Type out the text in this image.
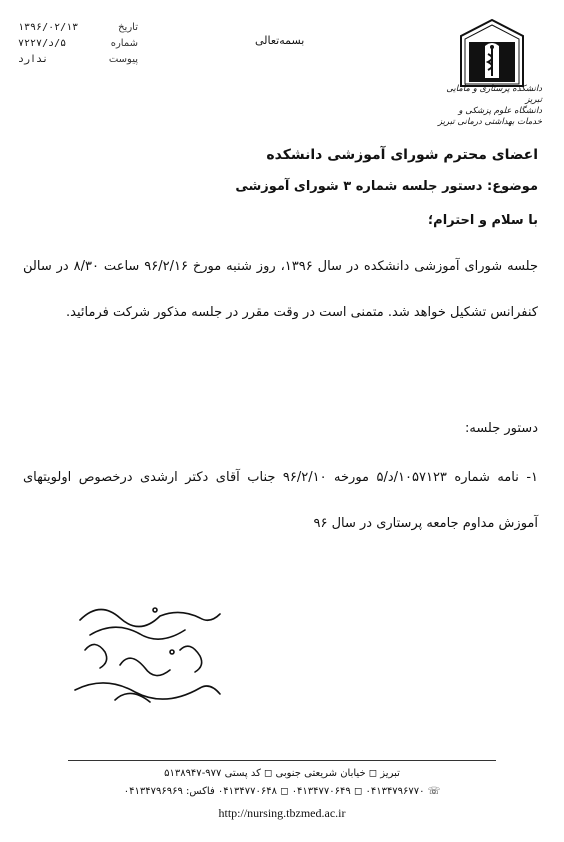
تاریخ
۱۳۹۶/۰۲/۱۳
شماره
۵/د/۷۲۲۷
پیوست
ندارد
بسمه‌تعالی
دانشکده پرستاری و مامایی تبریز
دانشگاه علوم پزشکی و خدمات بهداشتی درمانی تبریز
اعضای محترم شورای آموزشی دانشکده
موضوع: دستور جلسه شماره ۳ شورای آموزشی
با سلام و احترام؛
جلسه شورای آموزشی دانشکده در سال ۱۳۹۶، روز شنبه مورخ ۹۶/۲/۱۶ ساعت ۸/۳۰ در سالن کنفرانس تشکیل خواهد شد. متمنی است در وقت مقرر در جلسه مذکور شرکت فرمائید.
دستور جلسه:
۱- نامه شماره ۱۰۵۷۱۲۳/د/۵ مورخه ۹۶/۲/۱۰ جناب آقای دکتر ارشدی درخصوص اولویتهای آموزش مداوم جامعه پرستاری در سال ۹۶
تبریز ◻ خیابان شریعتی جنوبی ◻ کد پستی ۹۷۷-۵۱۳۸۹۴۷
☏ ۰۴۱۳۴۷۹۶۷۷۰ ◻ ۰۴۱۳۴۷۷۰۶۴۹ ◻ ۰۴۱۳۴۷۷۰۶۴۸ فاکس: ۰۴۱۳۴۷۹۶۹۶۹
http://nursing.tbzmed.ac.ir
